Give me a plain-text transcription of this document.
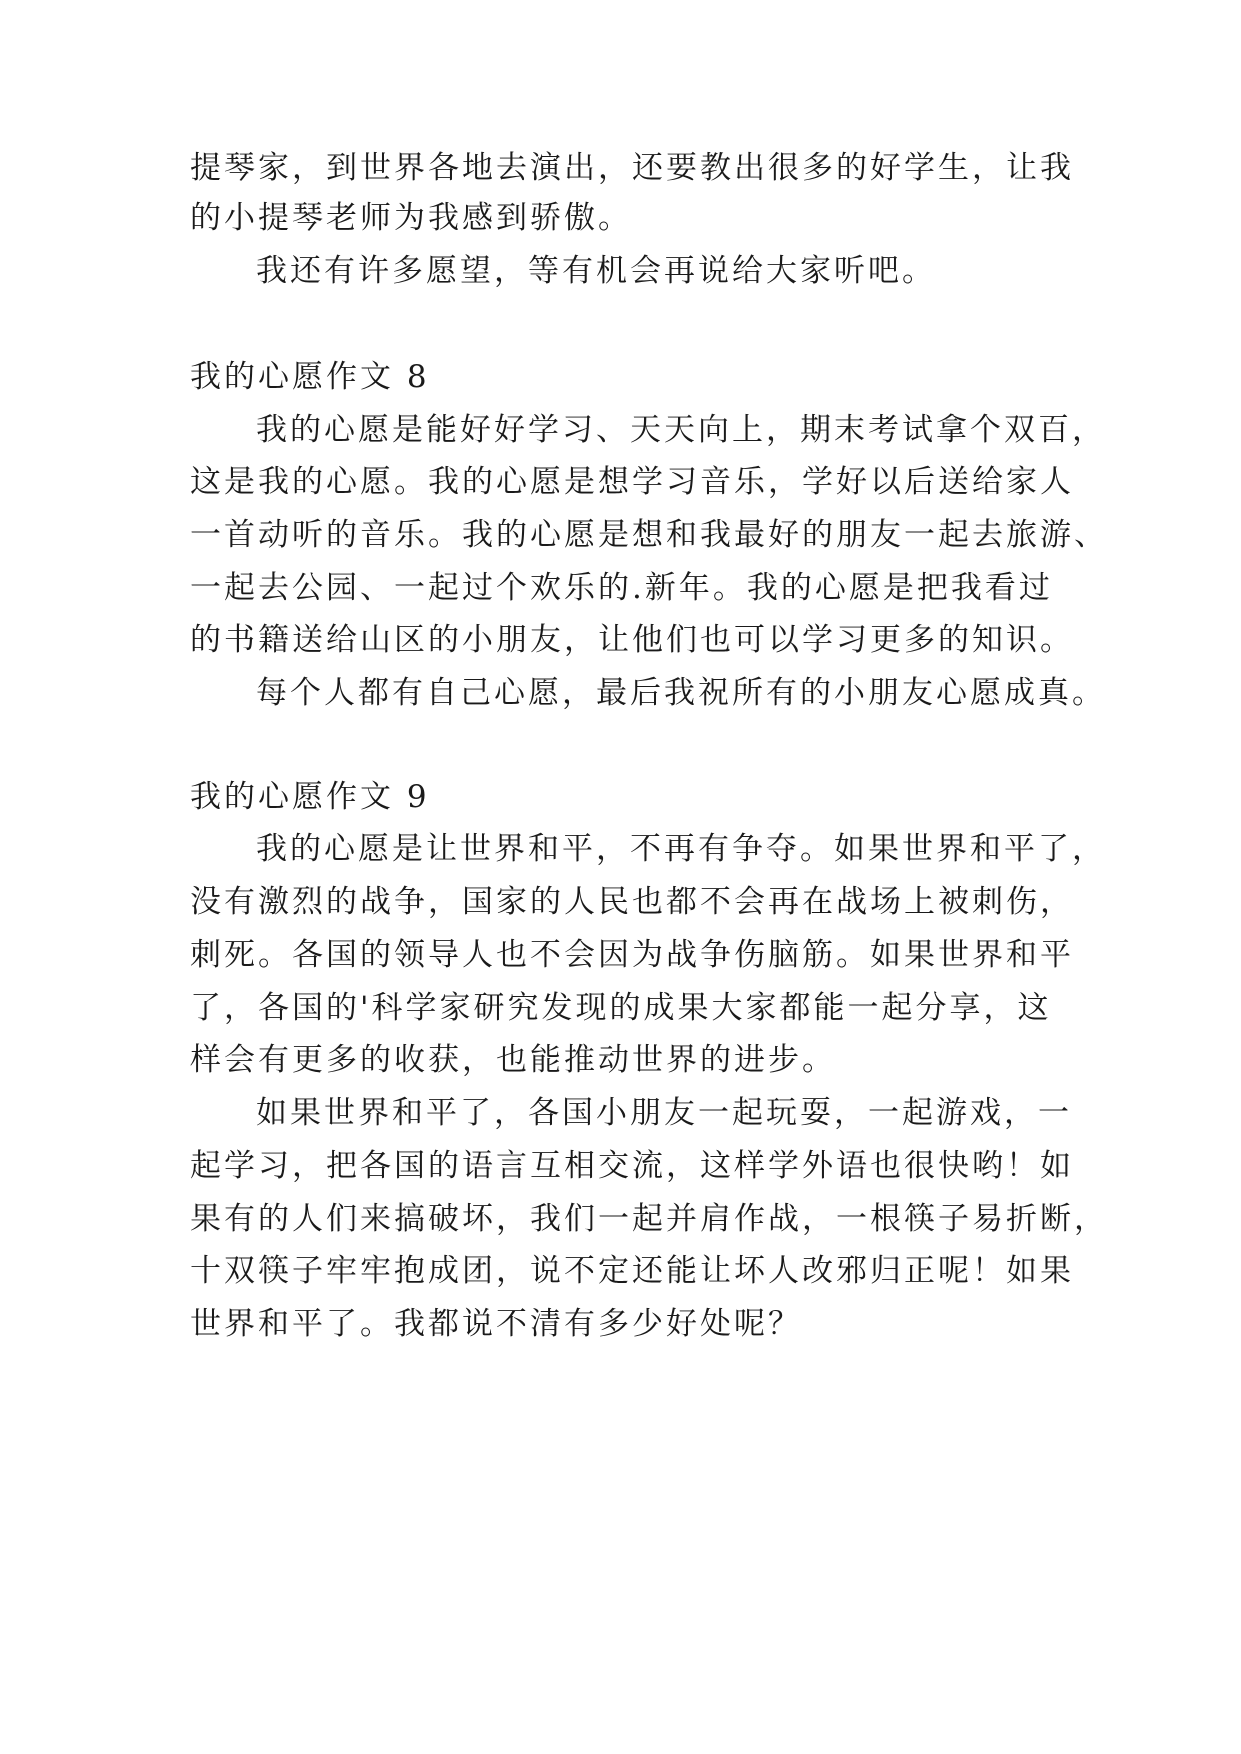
提琴家，到世界各地去演出，还要教出很多的好学生，让我
的小提琴老师为我感到骄傲。
我还有许多愿望，等有机会再说给大家听吧。
我的心愿作文 8
我的心愿是能好好学习、天天向上，期末考试拿个双百，
这是我的心愿。我的心愿是想学习音乐，学好以后送给家人
一首动听的音乐。我的心愿是想和我最好的朋友一起去旅游、
一起去公园、一起过个欢乐的.新年。我的心愿是把我看过
的书籍送给山区的小朋友，让他们也可以学习更多的知识。
每个人都有自己心愿，最后我祝所有的小朋友心愿成真。
我的心愿作文 9
我的心愿是让世界和平，不再有争夺。如果世界和平了，
没有激烈的战争，国家的人民也都不会再在战场上被刺伤，
刺死。各国的领导人也不会因为战争伤脑筋。如果世界和平
了，各国的'科学家研究发现的成果大家都能一起分享，这
样会有更多的收获，也能推动世界的进步。
如果世界和平了，各国小朋友一起玩耍，一起游戏，一
起学习，把各国的语言互相交流，这样学外语也很快哟！如
果有的人们来搞破坏，我们一起并肩作战，一根筷子易折断，
十双筷子牢牢抱成团，说不定还能让坏人改邪归正呢！如果
世界和平了。我都说不清有多少好处呢？
